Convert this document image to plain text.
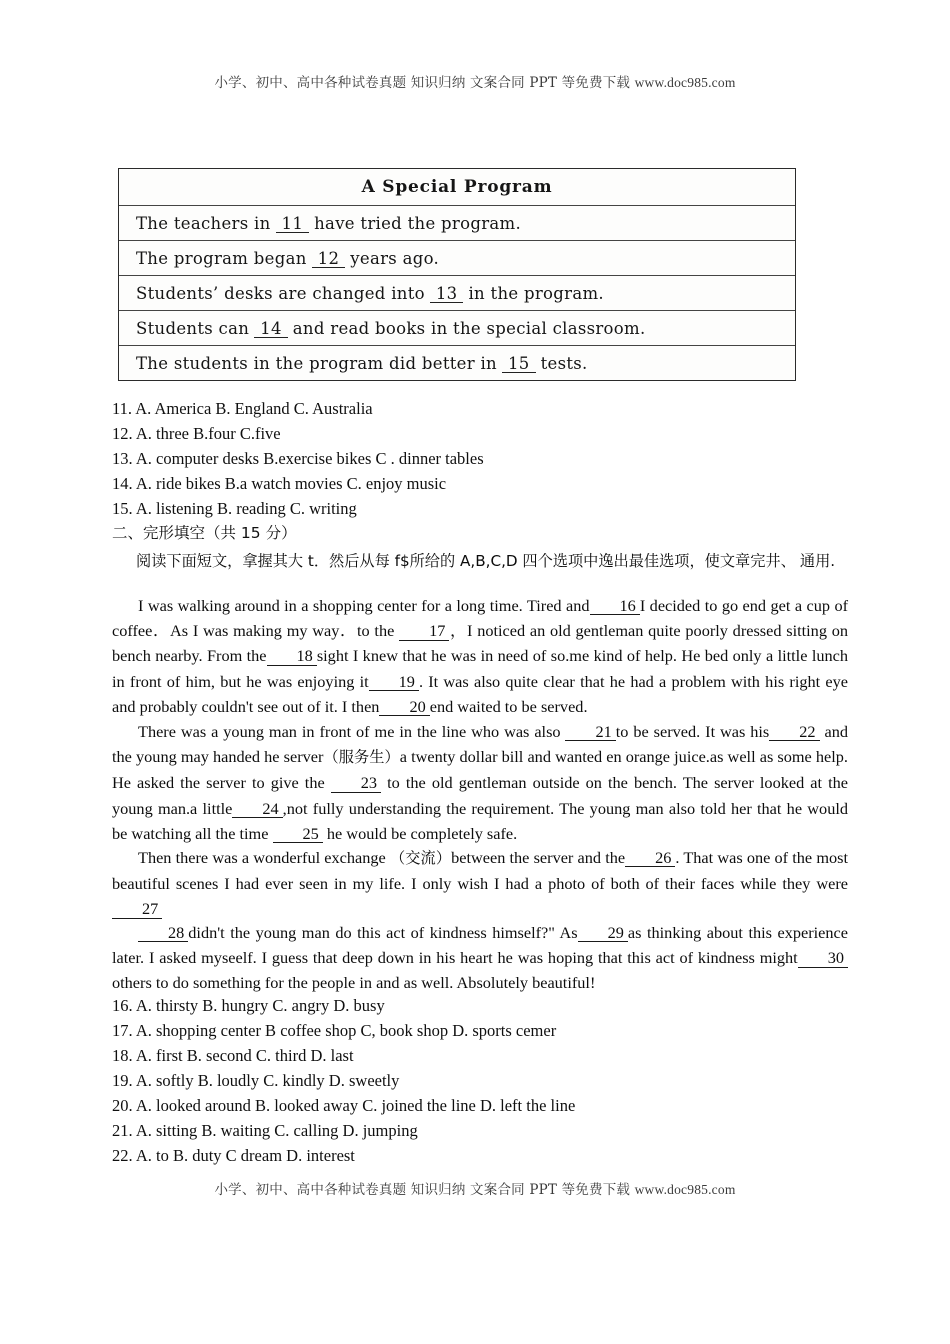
小学、初中、高中各种试卷真题 知识归纳 文案合同 PPT 等免费下载 www.doc985.com
A Special Program
The teachers in 11 have tried the program.
The program began 12 years ago.
Students’ desks are changed into 13 in the program.
Students can 14 and read books in the special classroom.
The students in the program did better in 15 tests.
11. A. America B. England C. Australia
12. A. three B.four C.five
13. A. computer desks B.exercise bikes C . dinner tables
14. A. ride bikes B.a watch movies C. enjoy music
15. A. listening B. reading C. writing
二、完形填空（共 15 分）
阅读下面短文，拿握其大 t．然后从每 f$所给的 A,B,C,D 四个选项中逸出最佳选项，使文章完井、 通用.
I was walking around in a shopping center for a long time. Tired and 16 I decided to go end get a cup of coffee．As I was making my way．to the 17 ，I noticed an old gentleman quite poorly dressed sitting on bench nearby. From the 18 sight I knew that he was in need of so.me kind of help. He bed only a little lunch in front of him, but he was enjoying it 19 . It was also quite clear that he had a problem with his right eye and probably couldn't see out of it. I then 20 end waited to be served.
There was a young man in front of me in the line who was also 21 to be served. It was his 22 and the young may handed he server（服务生）a twenty dollar bill and wanted en orange juice.as well as some help. He asked the server to give the 23 to the old gentleman outside on the bench. The server looked at the young man.a little 24 ,not fully understanding the requirement. The young man also told her that he would be watching all the time 25 he would be completely safe.
Then there was a wonderful exchange （交流）between the server and the 26 . That was one of the most beautiful scenes I had ever seen in my life. I only wish I had a photo of both of their faces while they were 27
28 didn't the young man do this act of kindness himself?" As 29 as thinking about this experience later. I asked myseelf. I guess that deep down in his heart he was hoping that this act of kindness might 30others to do something for the people in and as well. Absolutely beautiful!
16. A. thirsty B. hungry C. angry D. busy
17. A. shopping center B coffee shop C, book shop D. sports cemer
18. A. first B. second C. third D. last
19. A. softly B. loudly C. kindly D. sweetly
20. A. looked around B. looked away C. joined the line D. left the line
21. A. sitting B. waiting C. calling D. jumping
22. A. to B. duty C dream D. interest
小学、初中、高中各种试卷真题 知识归纳 文案合同 PPT 等免费下载 www.doc985.com
